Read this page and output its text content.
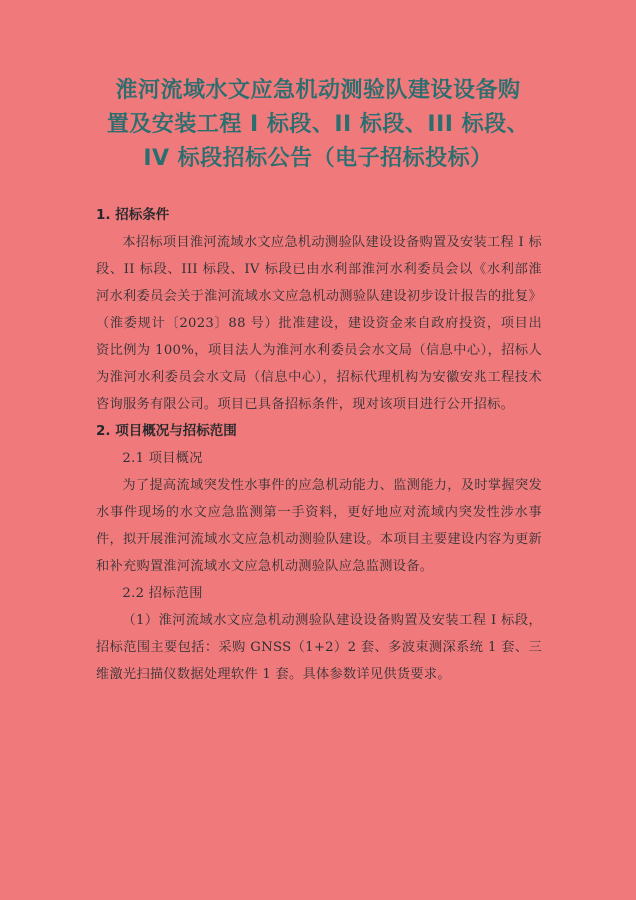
淮河流域水文应急机动测验队建设设备购
置及安装工程 I 标段、II 标段、III 标段、
IV 标段招标公告（电子招标投标）

1. 招标条件

本招标项目淮河流域水文应急机动测验队建设设备购置及安装工程 I 标段、II 标段、III 标段、IV 标段已由水利部淮河水利委员会以《水利部淮河水利委员会关于淮河流域水文应急机动测验队建设初步设计报告的批复》（淮委规计〔2023〕88 号）批准建设，建设资金来自政府投资，项目出资比例为 100%，项目法人为淮河水利委员会水文局（信息中心），招标人为淮河水利委员会水文局（信息中心），招标代理机构为安徽安兆工程技术咨询服务有限公司。项目已具备招标条件，现对该项目进行公开招标。

2. 项目概况与招标范围

2.1 项目概况

为了提高流域突发性水事件的应急机动能力、监测能力，及时掌握突发水事件现场的水文应急监测第一手资料，更好地应对流域内突发性涉水事件，拟开展淮河流域水文应急机动测验队建设。本项目主要建设内容为更新和补充购置淮河流域水文应急机动测验队应急监测设备。

2.2 招标范围

（1）淮河流域水文应急机动测验队建设设备购置及安装工程 I 标段，招标范围主要包括：采购 GNSS（1+2）2 套、多波束测深系统 1 套、三维激光扫描仪数据处理软件 1 套。具体参数详见供货要求。
